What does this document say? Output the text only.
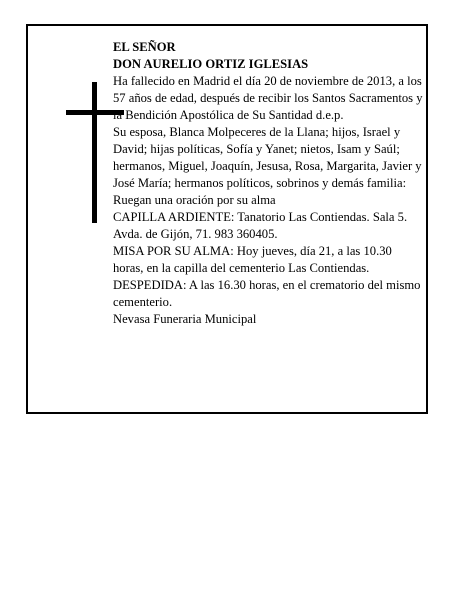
EL SEÑOR

DON AURELIO ORTIZ IGLESIAS

Ha fallecido en Madrid el día 20 de noviembre de 2013, a los 57 años de edad, después de recibir los Santos Sacramentos y la Bendición Apostólica de Su Santidad d.e.p.

Su esposa, Blanca Molpeceres de la Llana; hijos, Israel y David; hijas políticas, Sofía y Yanet; nietos, Isam y Saúl; hermanos, Miguel, Joaquín, Jesusa, Rosa, Margarita, Javier y José María; hermanos políticos, sobrinos y demás familia:

Ruegan una oración por su alma

CAPILLA ARDIENTE: Tanatorio Las Contiendas. Sala 5. Avda. de Gijón, 71. 983 360405.

MISA POR SU ALMA: Hoy jueves, día 21, a las 10.30 horas, en la capilla del cementerio Las Contiendas.

DESPEDIDA: A las 16.30 horas, en el crematorio del mismo cementerio.

Nevasa Funeraria Municipal
